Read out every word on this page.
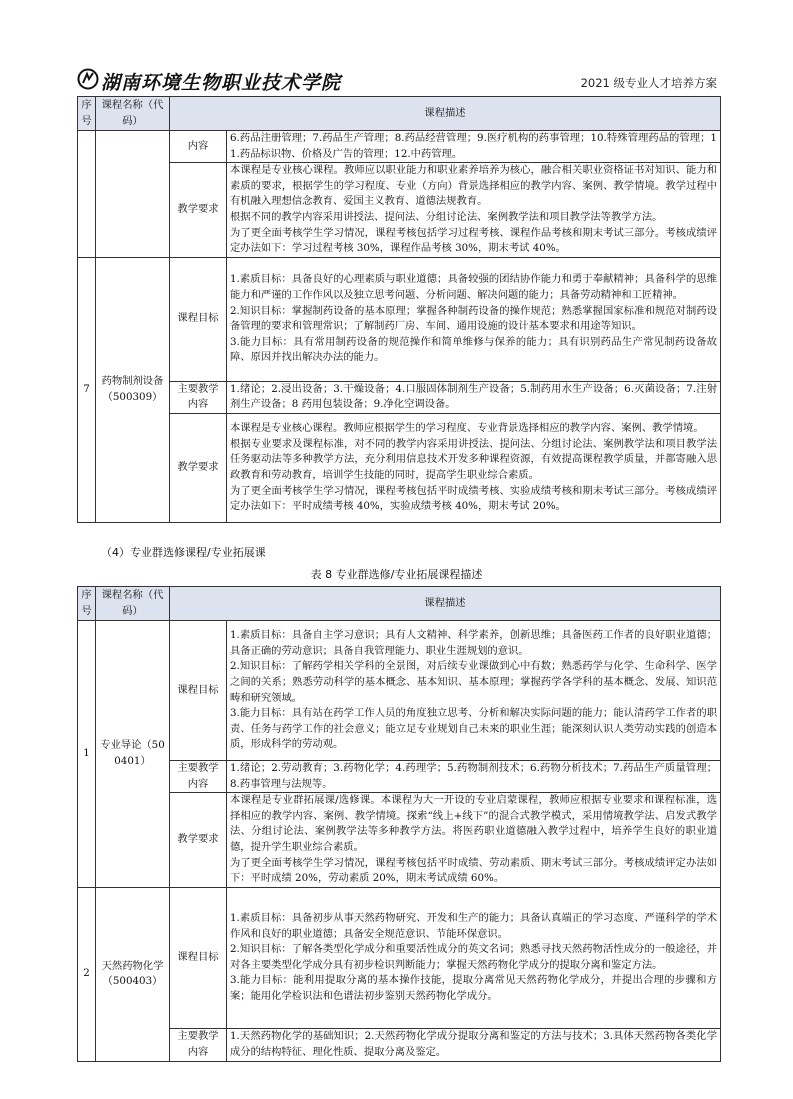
湖南环境生物职业技术学院	2021 级专业人才培养方案
序号	课程名称（代码）	课程描述	
		内容	6.药品注册管理；7.药品生产管理；8.药品经营管理；9.医疗机构的药事管理；10.特殊管理药品的管理；11.药品标识物、价格及广告的管理；12.中药管理。
		教学要求	本课程是专业核心课程。教师应以职业能力和职业素养培养为核心，融合相关职业资格证书对知识、能力和素质的要求，根据学生的学习程度、专业（方向）背景选择相应的教学内容、案例、教学情境。教学过程中有机融入理想信念教育、爱国主义教育、道德法规教育。
根据不同的教学内容采用讲授法、提问法、分组讨论法、案例教学法和项目教学法等教学方法。
为了更全面考核学生学习情况，课程考核包括学习过程考核、课程作品考核和期末考试三部分。考核成绩评定办法如下：学习过程考核 30%，课程作品考核 30%，期末考试 40%。

7	药物制剂设备（500309）	课程目标	1.素质目标：具备良好的心理素质与职业道德；具备较强的团结协作能力和勇于奉献精神；具备科学的思维能力和严谨的工作作风以及独立思考问题、分析问题、解决问题的能力；具备劳动精神和工匠精神。
2.知识目标：掌握制药设备的基本原理；掌握各种制药设备的操作规范；熟悉掌握国家标准和规范对制药设备管理的要求和管理常识；了解制药厂房、车间、通用设施的设计基本要求和用途等知识。
3.能力目标：具有常用制药设备的规范操作和简单维修与保养的能力；具有识别药品生产常见制药设备故障、原因并找出解决办法的能力。

		主要教学内容	1.绪论；2.浸出设备；3.干燥设备；4.口服固体制剂生产设备；5.制药用水生产设备；6.灭菌设备；7.注射剂生产设备；8 药用包装设备；9.净化空调设备。
		教学要求	本课程是专业核心课程。教师应根据学生的学习程度、专业背景选择相应的教学内容、案例、教学情境。
根据专业要求及课程标准，对不同的教学内容采用讲授法、提问法、分组讨论法、案例教学法和项目教学法任务驱动法等多种教学方法，充分利用信息技术开发多种课程资源，有效提高课程教学质量，并都寄融入思政教育和劳动教育，培训学生技能的同时，提高学生职业综合素质。
为了更全面考核学生学习情况，课程考核包括平时成绩考核、实验成绩考核和期末考试三部分。考核成绩评定办法如下：平时成绩考核 40%，实验成绩考核 40%，期末考试 20%。
（4）专业群选修课程/专业拓展课
表 8 专业群选修/专业拓展课程描述
序号	课程名称（代码）	课程描述	
1	专业导论（500401）	课程目标	1.素质目标：具备自主学习意识；具有人文精神、科学素养，创新思维；具备医药工作者的良好职业道德；具备正确的劳动意识；具备自我管理能力、职业生涯规划的意识。
2.知识目标：了解药学相关学科的全景图，对后续专业课做到心中有数；熟悉药学与化学、生命科学、医学之间的关系；熟悉劳动科学的基本概念、基本知识、基本原理；掌握药学各学科的基本概念、发展、知识范畴和研究领域。
3.能力目标：具有站在药学工作人员的角度独立思考、分析和解决实际问题的能力；能认清药学工作者的职责、任务与药学工作的社会意义；能立足专业规划自己未来的职业生涯；能深刻认识人类劳动实践的创造本质，形成科学的劳动观。

		主要教学内容	1.绪论；2.劳动教育；3.药物化学；4.药理学；5.药物制剂技术；6.药物分析技术；7.药品生产质量管理；8.药事管理与法规等。
		教学要求	本课程是专业群拓展课/选修课。本课程为大一开设的专业启蒙课程，教师应根据专业要求和课程标准，选择相应的教学内容、案例、教学情境。探索“线上+线下”的混合式教学模式，采用情境教学法、启发式教学法、分组讨论法、案例教学法等多种教学方法。将医药职业道德融入教学过程中，培养学生良好的职业道德，提升学生职业综合素质。
为了更全面考核学生学习情况，课程考核包括平时成绩、劳动素质、期末考试三部分。考核成绩评定办法如下：平时成绩 20%，劳动素质 20%，期末考试成绩 60%。

2	天然药物化学（500403）	课程目标	1.素质目标：具备初步从事天然药物研究、开发和生产的能力；具备认真端正的学习态度、严谨科学的学术作风和良好的职业道德；具备安全规范意识、节能环保意识。
2.知识目标：了解各类型化学成分和重要活性成分的英文名词；熟悉寻找天然药物活性成分的一般途径，并对各主要类型化学成分具有初步检识判断能力；掌握天然药物化学成分的提取分离和鉴定方法。
3.能力目标：能利用提取分离的基本操作技能，提取分离常见天然药物化学成分，并提出合理的步骤和方案；能用化学检识法和色谱法初步鉴别天然药物化学成分。

		主要教学内容	1.天然药物化学的基础知识；2.天然药物化学成分提取分离和鉴定的方法与技术；3.具体天然药物各类化学成分的结构特征、理化性质、提取分离及鉴定。
